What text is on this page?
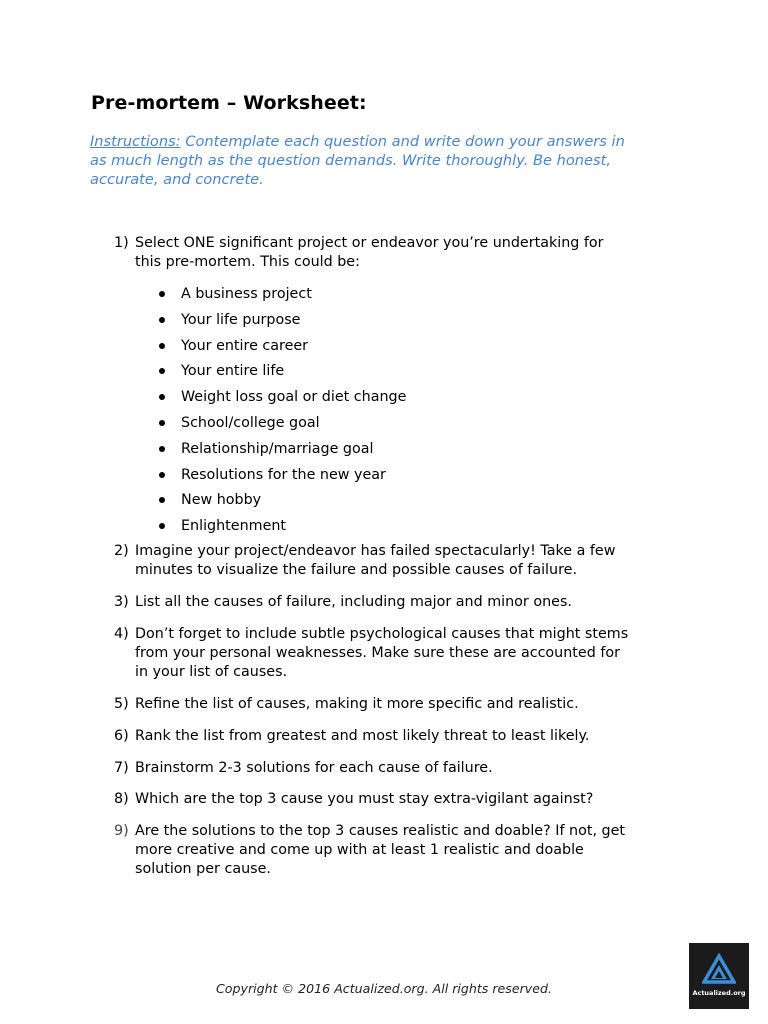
Pre-mortem – Worksheet:
Instructions: Contemplate each question and write down your answers in
as much length as the question demands. Write thoroughly. Be honest,
accurate, and concrete.
1) Select ONE significant project or endeavor you’re undertaking for
this pre-mortem. This could be:
A business project
Your life purpose
Your entire career
Your entire life
Weight loss goal or diet change
School/college goal
Relationship/marriage goal
Resolutions for the new year
New hobby
Enlightenment
2) Imagine your project/endeavor has failed spectacularly! Take a few
minutes to visualize the failure and possible causes of failure.
3) List all the causes of failure, including major and minor ones.
4) Don’t forget to include subtle psychological causes that might stems
from your personal weaknesses. Make sure these are accounted for
in your list of causes.
5) Refine the list of causes, making it more specific and realistic.
6) Rank the list from greatest and most likely threat to least likely.
7) Brainstorm 2-3 solutions for each cause of failure.
8) Which are the top 3 cause you must stay extra-vigilant against?
9) Are the solutions to the top 3 causes realistic and doable? If not, get
more creative and come up with at least 1 realistic and doable
solution per cause.
Copyright © 2016 Actualized.org. All rights reserved.	Actualized.org
